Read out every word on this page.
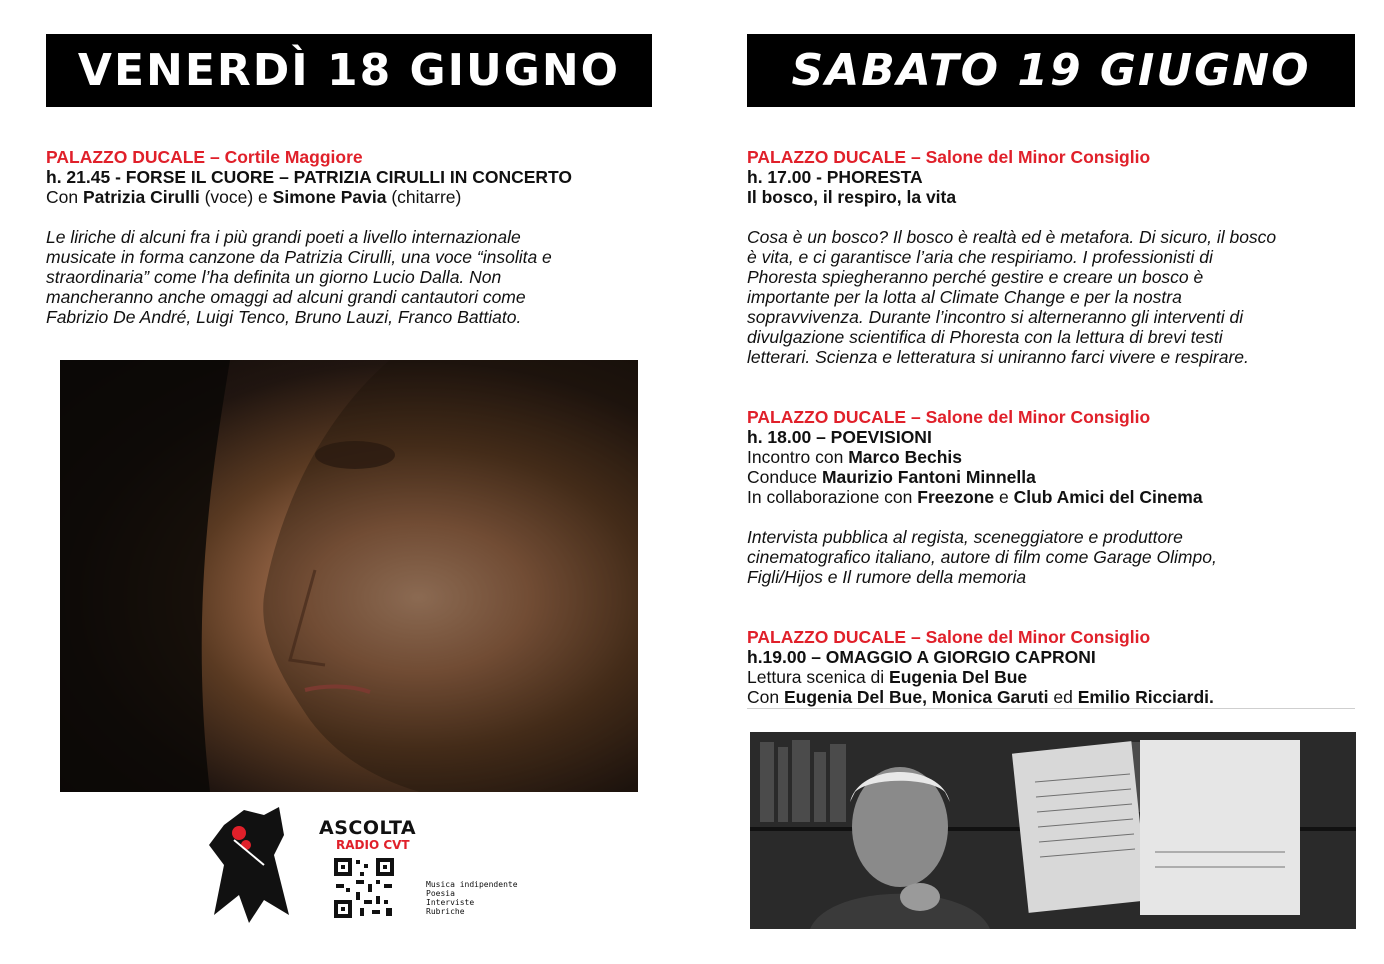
VENERDÌ 18 GIUGNO

PALAZZO DUCALE – Cortile Maggiore

h. 21.45 - FORSE IL CUORE – PATRIZIA CIRULLI IN CONCERTO

Con Patrizia Cirulli (voce) e Simone Pavia (chitarre)

Le liriche di alcuni fra i più grandi poeti a livello internazionale

musicate in forma canzone da Patrizia Cirulli, una voce “insolita e

straordinaria” come l’ha definita un giorno Lucio Dalla. Non

mancheranno anche omaggi ad alcuni grandi cantautori come

Fabrizio De André, Luigi Tenco, Bruno Lauzi, Franco Battiato.

ASCOLTA
RADIO CVT

Musica indipendente

Poesia

Interviste

Rubriche

SABATO 19 GIUGNO

PALAZZO DUCALE – Salone del Minor Consiglio

h. 17.00 - PHORESTA

Il bosco, il respiro, la vita

Cosa è un bosco? Il bosco è realtà ed è metafora. Di sicuro, il bosco

è vita, e ci garantisce l’aria che respiriamo. I professionisti di

Phoresta spiegheranno perché gestire e creare un bosco è

importante per la lotta al Climate Change e per la nostra

sopravvivenza. Durante l’incontro si alterneranno gli interventi di

divulgazione scientifica di Phoresta con la lettura di brevi testi

letterari. Scienza e letteratura si uniranno farci vivere e respirare.

PALAZZO DUCALE – Salone del Minor Consiglio

h. 18.00 – POEVISIONI

Incontro con Marco Bechis

Conduce Maurizio Fantoni Minnella

In collaborazione con Freezone e Club Amici del Cinema

Intervista pubblica al regista, sceneggiatore e produttore

cinematografico italiano, autore di film come Garage Olimpo,

Figli/Hijos e Il rumore della memoria

PALAZZO DUCALE – Salone del Minor Consiglio

h.19.00 – OMAGGIO A GIORGIO CAPRONI

Lettura scenica di Eugenia Del Bue

Con Eugenia Del Bue, Monica Garuti ed Emilio Ricciardi.
